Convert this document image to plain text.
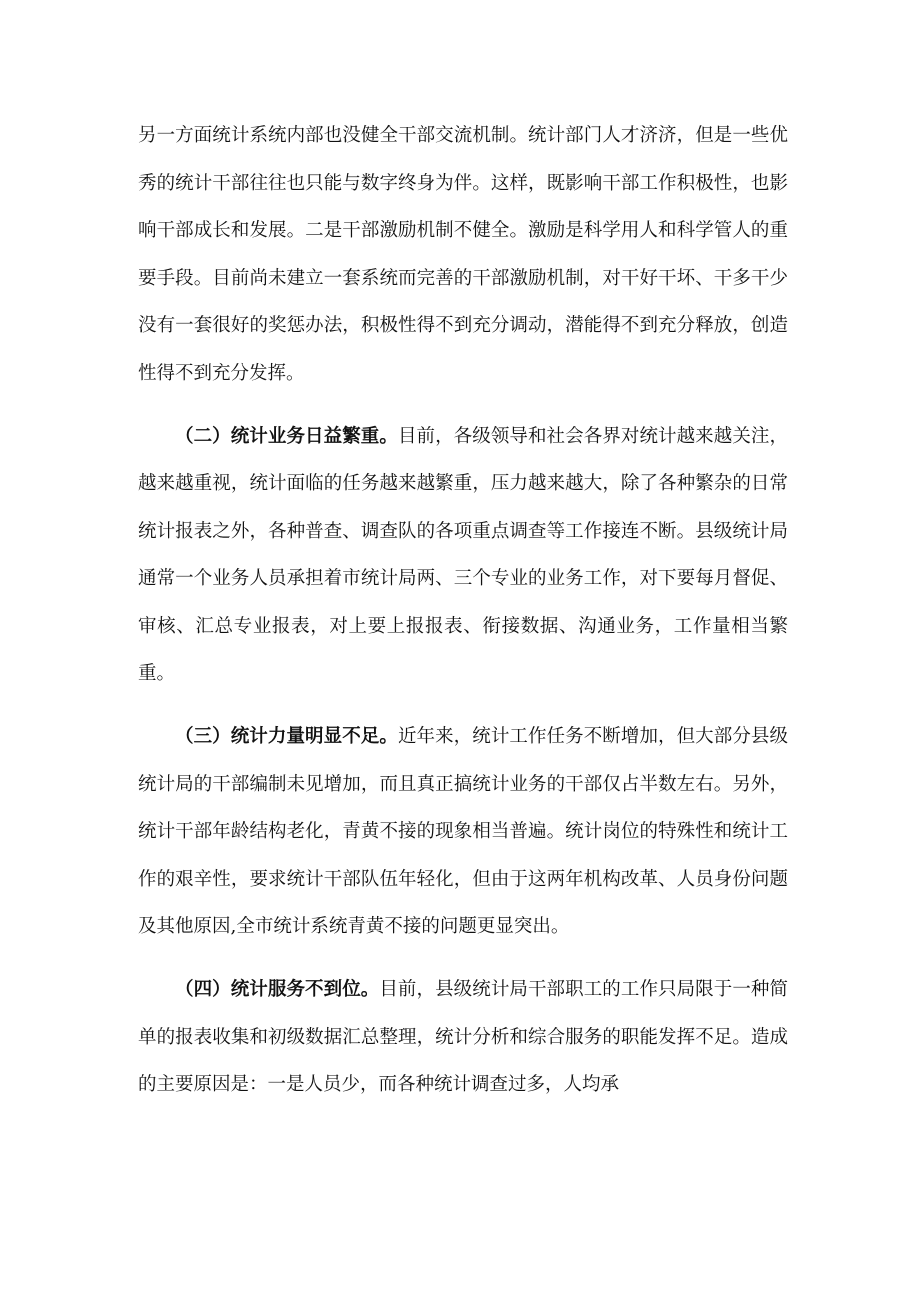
另一方面统计系统内部也没健全干部交流机制。统计部门人才济济，但是一些优秀的统计干部往往也只能与数字终身为伴。这样，既影响干部工作积极性，也影响干部成长和发展。二是干部激励机制不健全。激励是科学用人和科学管人的重要手段。目前尚未建立一套系统而完善的干部激励机制，对干好干坏、干多干少没有一套很好的奖惩办法，积极性得不到充分调动，潜能得不到充分释放，创造性得不到充分发挥。

（二）统计业务日益繁重。目前，各级领导和社会各界对统计越来越关注，越来越重视，统计面临的任务越来越繁重，压力越来越大，除了各种繁杂的日常统计报表之外，各种普查、调查队的各项重点调查等工作接连不断。县级统计局通常一个业务人员承担着市统计局两、三个专业的业务工作，对下要每月督促、审核、汇总专业报表，对上要上报报表、衔接数据、沟通业务，工作量相当繁重。

（三）统计力量明显不足。近年来，统计工作任务不断增加，但大部分县级统计局的干部编制未见增加，而且真正搞统计业务的干部仅占半数左右。另外，统计干部年龄结构老化，青黄不接的现象相当普遍。统计岗位的特殊性和统计工作的艰辛性，要求统计干部队伍年轻化，但由于这两年机构改革、人员身份问题及其他原因,全市统计系统青黄不接的问题更显突出。

（四）统计服务不到位。目前，县级统计局干部职工的工作只局限于一种简单的报表收集和初级数据汇总整理，统计分析和综合服务的职能发挥不足。造成的主要原因是：一是人员少，而各种统计调查过多，人均承
